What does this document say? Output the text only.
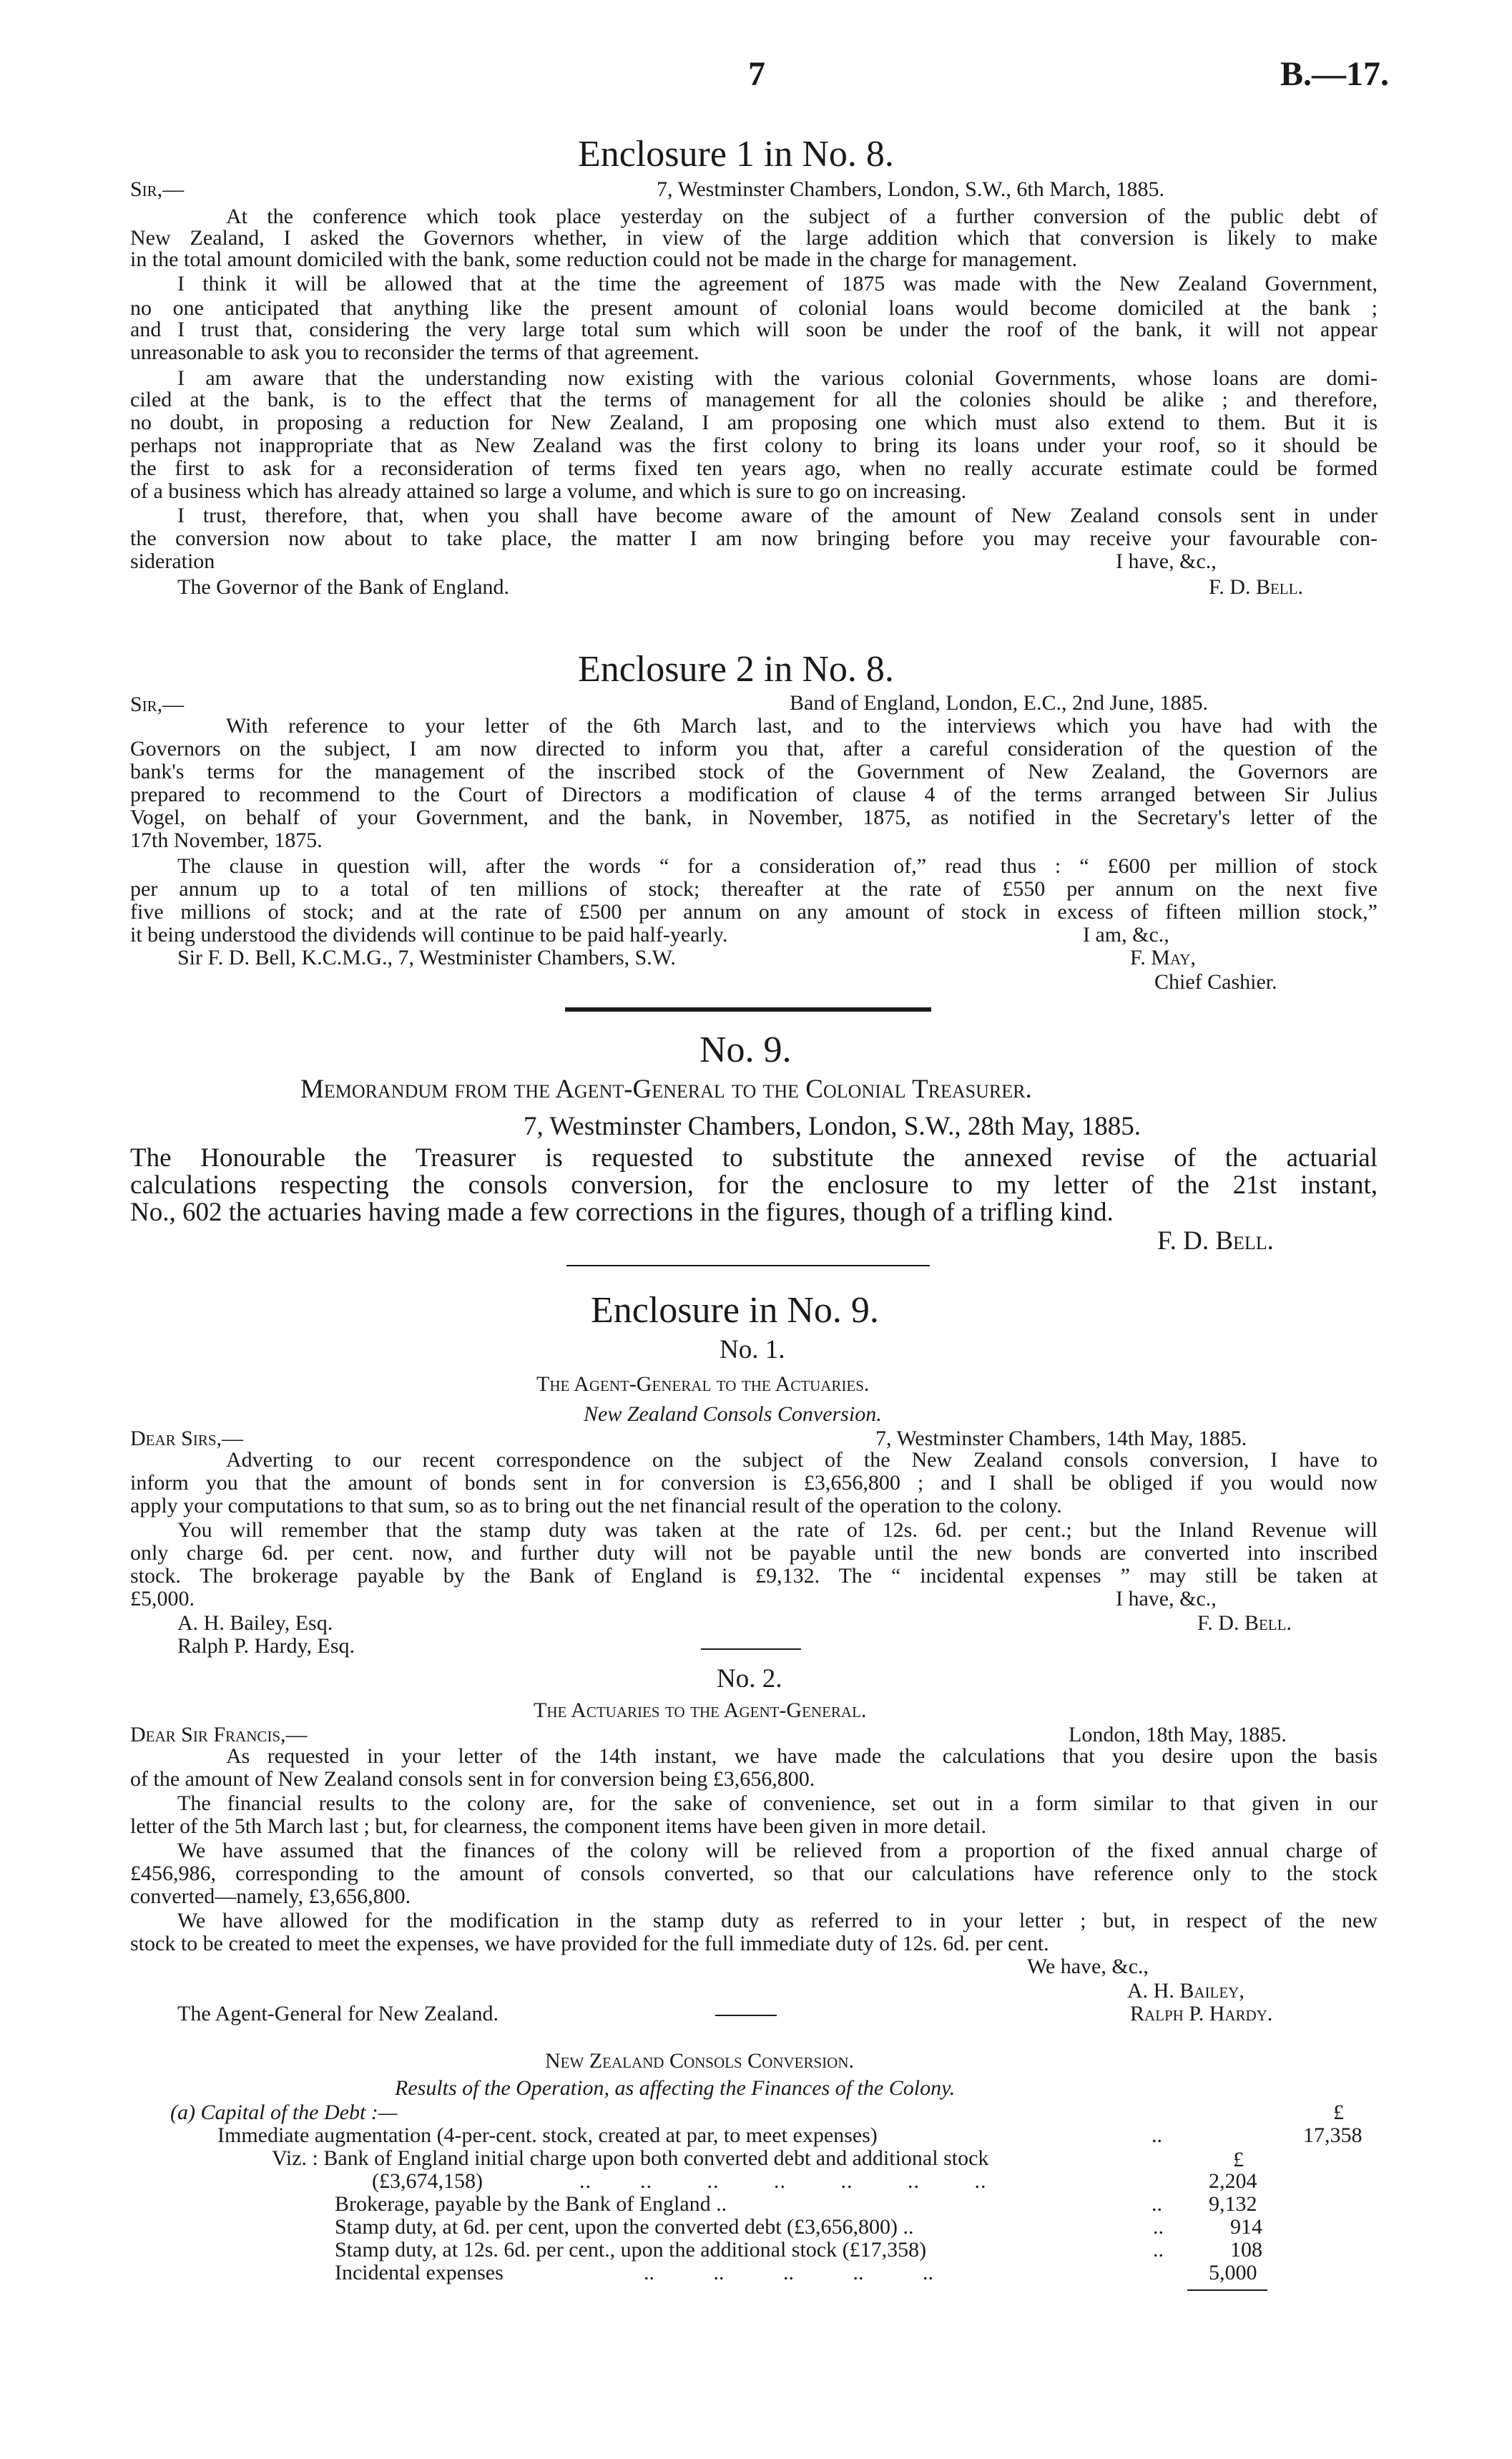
7	B.—17.
Enclosure 1 in No. 8.
Sir,—	7, Westminster Chambers, London, S.W., 6th March, 1885.
At the conference which took place yesterday on the subject of a further conversion of the public debt of
New Zealand, I asked the Governors whether, in view of the large addition which that conversion is likely to make
in the total amount domiciled with the bank, some reduction could not be made in the charge for management.
I think it will be allowed that at the time the agreement of 1875 was made with the New Zealand Government,
no one anticipated that anything like the present amount of colonial loans would become domiciled at the bank ;
and I trust that, considering the very large total sum which will soon be under the roof of the bank, it will not appear
unreasonable to ask you to reconsider the terms of that agreement.
I am aware that the understanding now existing with the various colonial Governments, whose loans are domi-
ciled at the bank, is to the effect that the terms of management for all the colonies should be alike ; and therefore,
no doubt, in proposing a reduction for New Zealand, I am proposing one which must also extend to them. But it is
perhaps not inappropriate that as New Zealand was the first colony to bring its loans under your roof, so it should be
the first to ask for a reconsideration of terms fixed ten years ago, when no really accurate estimate could be formed
of a business which has already attained so large a volume, and which is sure to go on increasing.
I trust, therefore, that, when you shall have become aware of the amount of New Zealand consols sent in under
the conversion now about to take place, the matter I am now bringing before you may receive your favourable con-
sideration	I have, &c.,
The Governor of the Bank of England.	F. D. Bell.
Enclosure 2 in No. 8.
Sir,—	Band of England, London, E.C., 2nd June, 1885.
With reference to your letter of the 6th March last, and to the interviews which you have had with the
Governors on the subject, I am now directed to inform you that, after a careful consideration of the question of the
bank's terms for the management of the inscribed stock of the Government of New Zealand, the Governors are
prepared to recommend to the Court of Directors a modification of clause 4 of the terms arranged between Sir Julius
Vogel, on behalf of your Government, and the bank, in November, 1875, as notified in the Secretary's letter of the
17th November, 1875.
The clause in question will, after the words “ for a consideration of,” read thus : “ £600 per million of stock
per annum up to a total of ten millions of stock; thereafter at the rate of £550 per annum on the next five
five millions of stock; and at the rate of £500 per annum on any amount of stock in excess of fifteen million stock,”
it being understood the dividends will continue to be paid half-yearly.	I am, &c.,
Sir F. D. Bell, K.C.M.G., 7, Westminister Chambers, S.W.	F. May,
Chief Cashier.
No. 9.
Memorandum from the Agent-General to the Colonial Treasurer.
7, Westminster Chambers, London, S.W., 28th May, 1885.
The Honourable the Treasurer is requested to substitute the annexed revise of the actuarial
calculations respecting the consols conversion, for the enclosure to my letter of the 21st instant,
No., 602 the actuaries having made a few corrections in the figures, though of a trifling kind.
F. D. Bell.
Enclosure in No. 9.
No. 1.
The Agent-General to the Actuaries.
New Zealand Consols Conversion.
Dear Sirs,—	7, Westminster Chambers, 14th May, 1885.
Adverting to our recent correspondence on the subject of the New Zealand consols conversion, I have to
inform you that the amount of bonds sent in for conversion is £3,656,800 ; and I shall be obliged if you would now
apply your computations to that sum, so as to bring out the net financial result of the operation to the colony.
You will remember that the stamp duty was taken at the rate of 12s. 6d. per cent.; but the Inland Revenue will
only charge 6d. per cent. now, and further duty will not be payable until the new bonds are converted into inscribed
stock. The brokerage payable by the Bank of England is £9,132. The “ incidental expenses ” may still be taken at
£5,000.	I have, &c.,
A. H. Bailey, Esq.	F. D. Bell.
Ralph P. Hardy, Esq.
No. 2.
The Actuaries to the Agent-General.
Dear Sir Francis,—	London, 18th May, 1885.
As requested in your letter of the 14th instant, we have made the calculations that you desire upon the basis
of the amount of New Zealand consols sent in for conversion being £3,656,800.
The financial results to the colony are, for the sake of convenience, set out in a form similar to that given in our
letter of the 5th March last ; but, for clearness, the component items have been given in more detail.
We have assumed that the finances of the colony will be relieved from a proportion of the fixed annual charge of
£456,986, corresponding to the amount of consols converted, so that our calculations have reference only to the stock
converted—namely, £3,656,800.
We have allowed for the modification in the stamp duty as referred to in your letter ; but, in respect of the new
stock to be created to meet the expenses, we have provided for the full immediate duty of 12s. 6d. per cent.
We have, &c.,
A. H. Bailey,
The Agent-General for New Zealand.	Ralph P. Hardy.
New Zealand Consols Conversion.
Results of the Operation, as affecting the Finances of the Colony.
(a) Capital of the Debt :—	£
Immediate augmentation (4-per-cent. stock, created at par, to meet expenses)	..	17,358
Viz. : Bank of England initial charge upon both converted debt and additional stock	£
(£3,674,158)	..        ..         ..         ..         ..         ..         ..	2,204
Brokerage, payable by the Bank of England ..	.. 9,132
Stamp duty, at 6d. per cent, upon the converted debt (£3,656,800) ..	..	914
Stamp duty, at 12s. 6d. per cent., upon the additional stock (£17,358)	..	108
Incidental expenses	..           ..           ..           ..           ..	5,000
